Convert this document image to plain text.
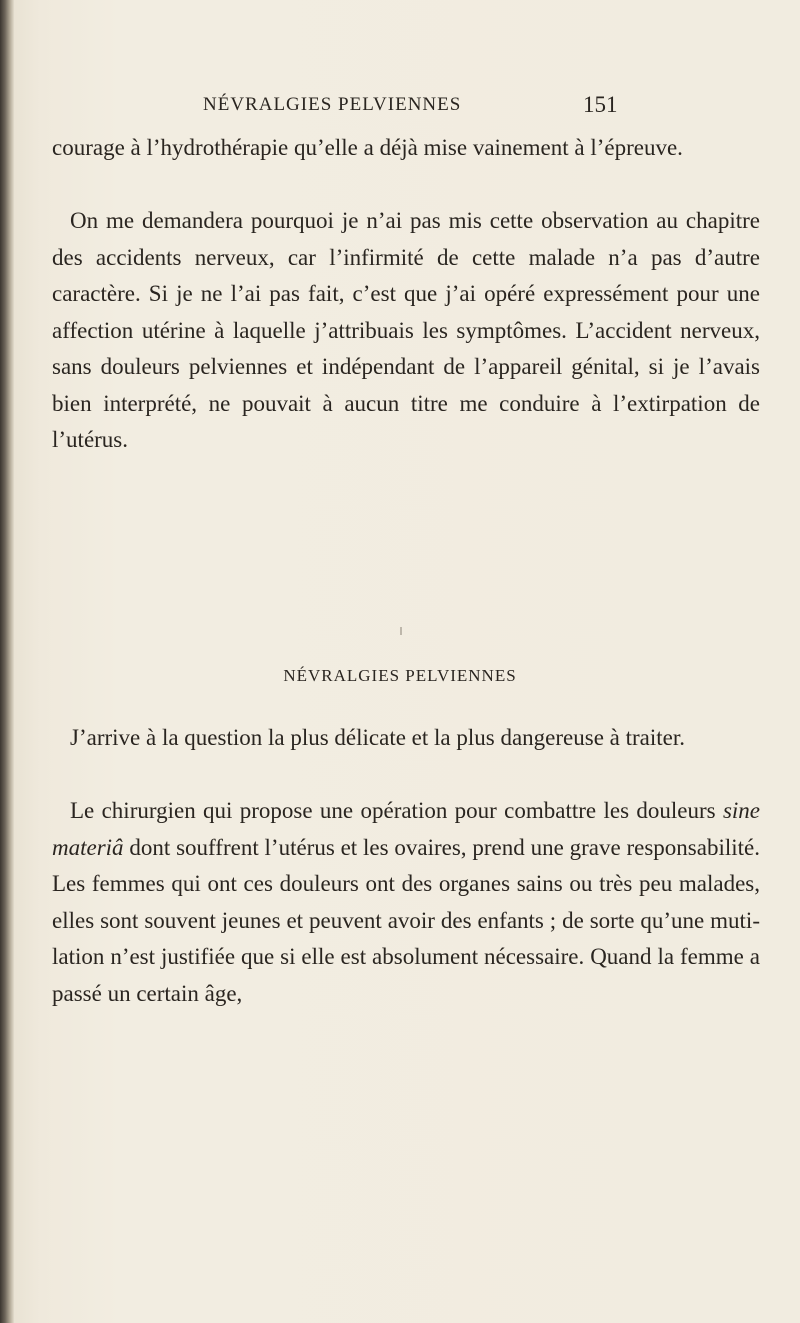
NÉVRALGIES PELVIENNES	151

courage à l’hydrothérapie qu’elle a déjà mise vainement à l’épreuve.

On me demandera pourquoi je n’ai pas mis cette observation au chapitre des accidents nerveux, car l’infirmité de cette malade n’a pas d’autre caractère. Si je ne l’ai pas fait, c’est que j’ai opéré expressément pour une affection utérine à laquelle j’attribuais les symptômes. L’accident nerveux, sans douleurs pelviennes et indépendant de l’appareil génital, si je l’avais bien interprété, ne pouvait à aucun titre me conduire à l’extirpation de l’utérus.

NÉVRALGIES PELVIENNES

J’arrive à la question la plus délicate et la plus dangereuse à traiter.

Le chirurgien qui propose une opération pour combattre les douleurs sine materiâ dont souffrent l’utérus et les ovaires, prend une grave responsabilité. Les femmes qui ont ces douleurs ont des organes sains ou très peu malades, elles sont souvent jeunes et peuvent avoir des enfants ; de sorte qu’une mutilation n’est justifiée que si elle est absolument nécessaire. Quand la femme a passé un certain âge,
